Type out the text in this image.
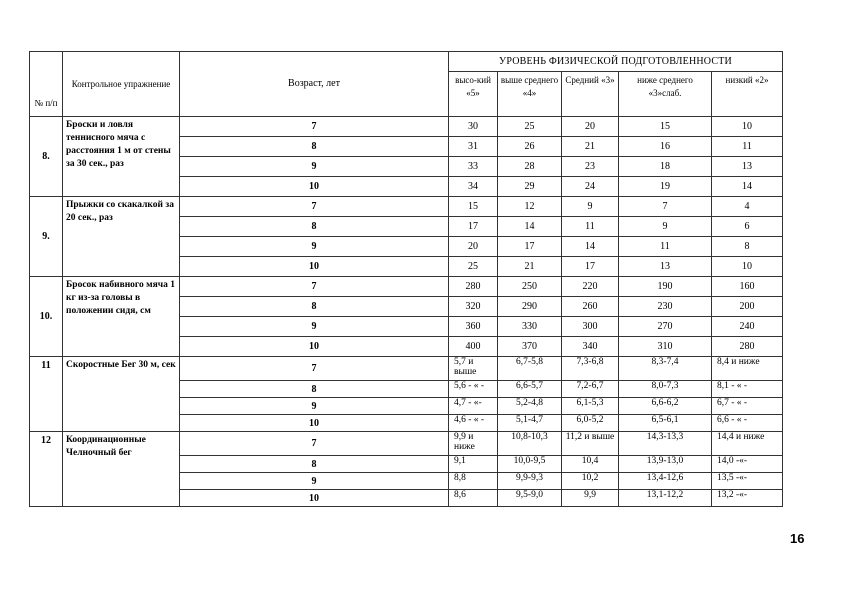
№ п/п	Контрольное упражнение	Возраст, лет	УРОВЕНЬ ФИЗИЧЕСКОЙ ПОДГОТОВЛЕННОСТИ				
			высо-кий «5»	выше среднего «4»	Средний «3»	ниже среднего «3»слаб.	низкий «2»
8.	Броски и ловля теннисного мяча с расстояния 1 м от стены за 30 сек., раз	7	30	25	20	15	10
		8	31	26	21	16	11
		9	33	28	23	18	13
		10	34	29	24	19	14
9.	Прыжки со скакалкой за 20 сек., раз	7	15	12	9	7	4
		8	17	14	11	9	6
		9	20	17	14	11	8
		10	25	21	17	13	10
10.	Бросок набивного мяча 1 кг из-за головы в положении сидя, см	7	280	250	220	190	160
		8	320	290	260	230	200
		9	360	330	300	270	240
		10	400	370	340	310	280
11	Скоростные Бег 30 м, сек	7	5,7 и выше	6,7-5,8	7,3-6,8	8,3-7,4	8,4 и ниже
		8	5,6 - « -	6,6-5,7	7,2-6,7	8,0-7,3	8,1 - « -
		9	4,7 - «-	5,2-4,8	6,1-5,3	6,6-6,2	6,7 - « -
		10	4,6 - « -	5,1-4,7	6,0-5,2	6,5-6,1	6,6 - « -
12	Координационные Челночный бег	7	9,9 и ниже	10,8-10,3	11,2 и выше	14,3-13,3	14,4 и ниже
		8	9,1	10,0-9,5	10,4	13,9-13,0	14,0 -«-
		9	8,8	9,9-9,3	10,2	13,4-12,6	13,5 -«-
		10	8,6	9,5-9,0	9,9	13,1-12,2	13,2 -«-
16
